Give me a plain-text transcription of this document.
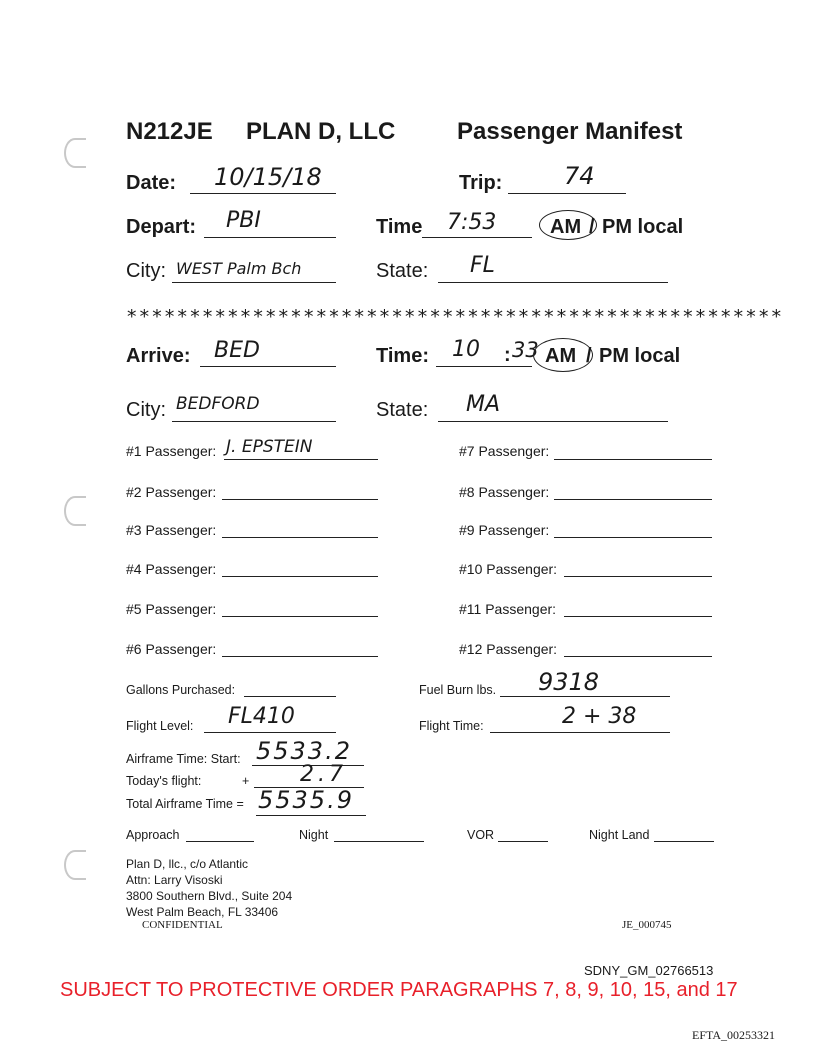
N212JE PLAN D, LLC	Passenger Manifest
Date: 10/15/18	Trip:	74
Depart: PBI	Time 7:53	AM / PM local
City: WEST Palm Bch	State: FL
****************************************************
Arrive: BED	Time: 10 : 33 AM / PM local
City: BEDFORD	State: MA
#1 Passenger: J. EPSTEIN
#2 Passenger:
#3 Passenger:
#4 Passenger:
#5 Passenger:
#6 Passenger:
#7 Passenger:
#8 Passenger:
#9 Passenger:
#10 Passenger:
#11 Passenger:
#12 Passenger:
Gallons Purchased:	Fuel Burn lbs. 9318
Flight Level: FL410	Flight Time:	2 + 38
Airframe Time: Start: 5533.2
Today's flight:	+ 2.7
Total Airframe Time = 5535.9
Approach	Night	VOR	Night Land
Plan D, llc., c/o Atlantic
Attn: Larry Visoski
3800 Southern Blvd., Suite 204
West Palm Beach, FL 33406
CONFIDENTIAL	JE_000745
SDNY_GM_02766513
SUBJECT TO PROTECTIVE ORDER PARAGRAPHS 7, 8, 9, 10, 15, and 17
EFTA_00253321
